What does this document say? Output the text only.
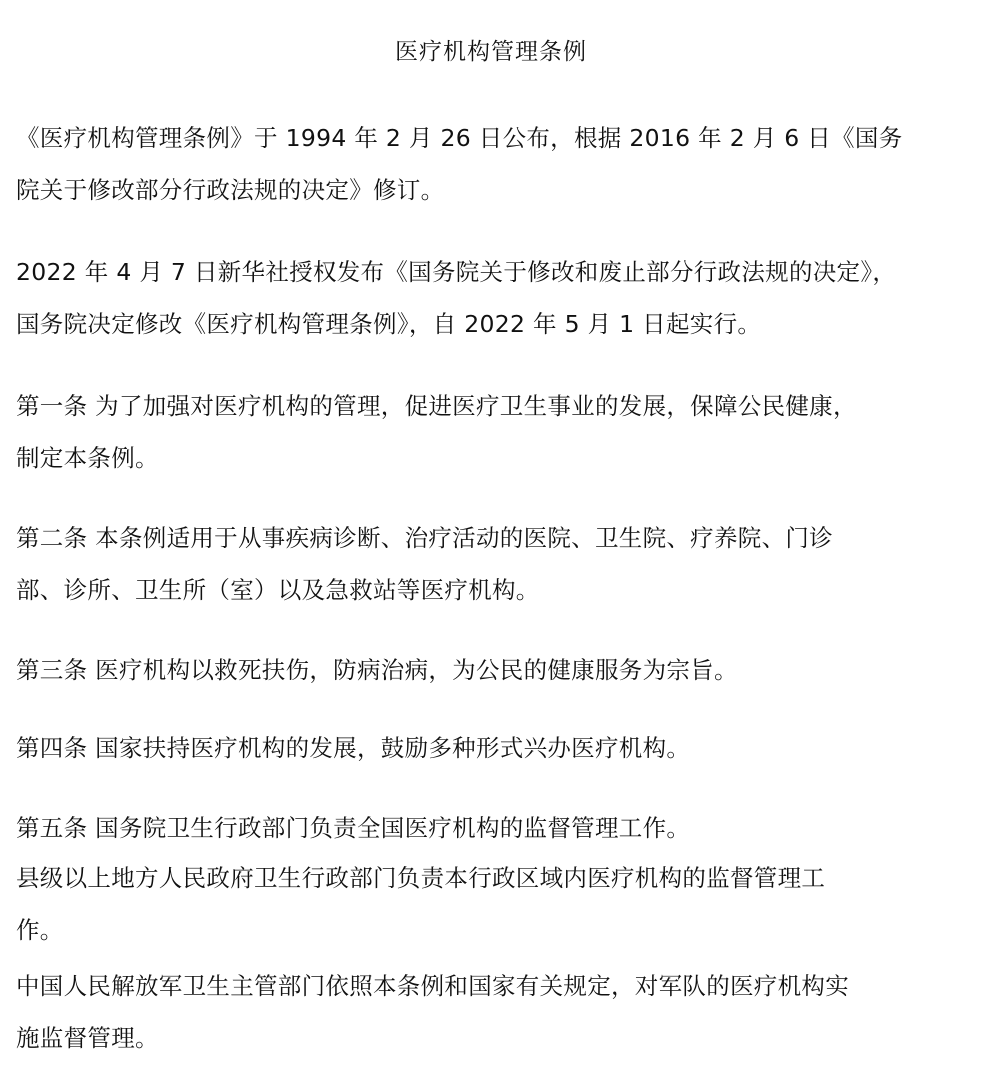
医疗机构管理条例
《医疗机构管理条例》于 1994 年 2 月 26 日公布，根据 2016 年 2 月 6 日《国务
院关于修改部分行政法规的决定》修订。
2022 年 4 月 7 日新华社授权发布《国务院关于修改和废止部分行政法规的决定》，
国务院决定修改《医疗机构管理条例》，自 2022 年 5 月 1 日起实行。
第一条 为了加强对医疗机构的管理，促进医疗卫生事业的发展，保障公民健康，
制定本条例。
第二条 本条例适用于从事疾病诊断、治疗活动的医院、卫生院、疗养院、门诊
部、诊所、卫生所（室）以及急救站等医疗机构。
第三条 医疗机构以救死扶伤，防病治病，为公民的健康服务为宗旨。
第四条 国家扶持医疗机构的发展，鼓励多种形式兴办医疗机构。
第五条 国务院卫生行政部门负责全国医疗机构的监督管理工作。
县级以上地方人民政府卫生行政部门负责本行政区域内医疗机构的监督管理工
作。
中国人民解放军卫生主管部门依照本条例和国家有关规定，对军队的医疗机构实
施监督管理。
